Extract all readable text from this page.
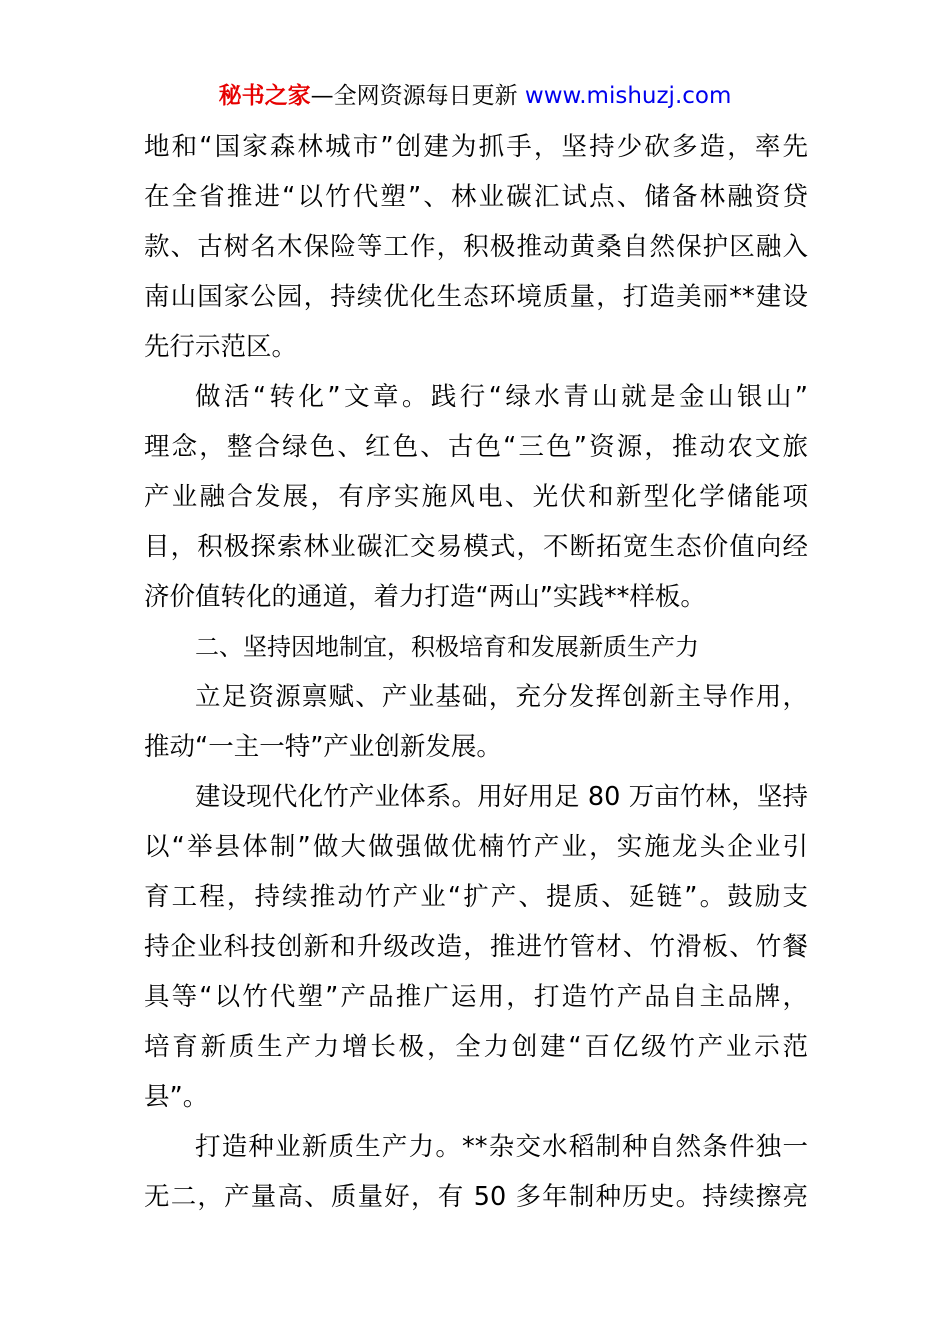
秘书之家—全网资源每日更新 www.mishuzj.com
地和“国家森林城市”创建为抓手，坚持少砍多造，率先
在全省推进“以竹代塑”、林业碳汇试点、储备林融资贷
款、古树名木保险等工作，积极推动黄桑自然保护区融入
南山国家公园，持续优化生态环境质量，打造美丽**建设
先行示范区。
做活“转化”文章。践行“绿水青山就是金山银山”
理念，整合绿色、红色、古色“三色”资源，推动农文旅
产业融合发展，有序实施风电、光伏和新型化学储能项
目，积极探索林业碳汇交易模式，不断拓宽生态价值向经
济价值转化的通道，着力打造“两山”实践**样板。
二、坚持因地制宜，积极培育和发展新质生产力
立足资源禀赋、产业基础，充分发挥创新主导作用，
推动“一主一特”产业创新发展。
建设现代化竹产业体系。用好用足 80 万亩竹林，坚持
以“举县体制”做大做强做优楠竹产业，实施龙头企业引
育工程，持续推动竹产业“扩产、提质、延链”。鼓励支
持企业科技创新和升级改造，推进竹管材、竹滑板、竹餐
具等“以竹代塑”产品推广运用，打造竹产品自主品牌，
培育新质生产力增长极，全力创建“百亿级竹产业示范
县”。
打造种业新质生产力。**杂交水稻制种自然条件独一
无二，产量高、质量好，有 50 多年制种历史。持续擦亮
